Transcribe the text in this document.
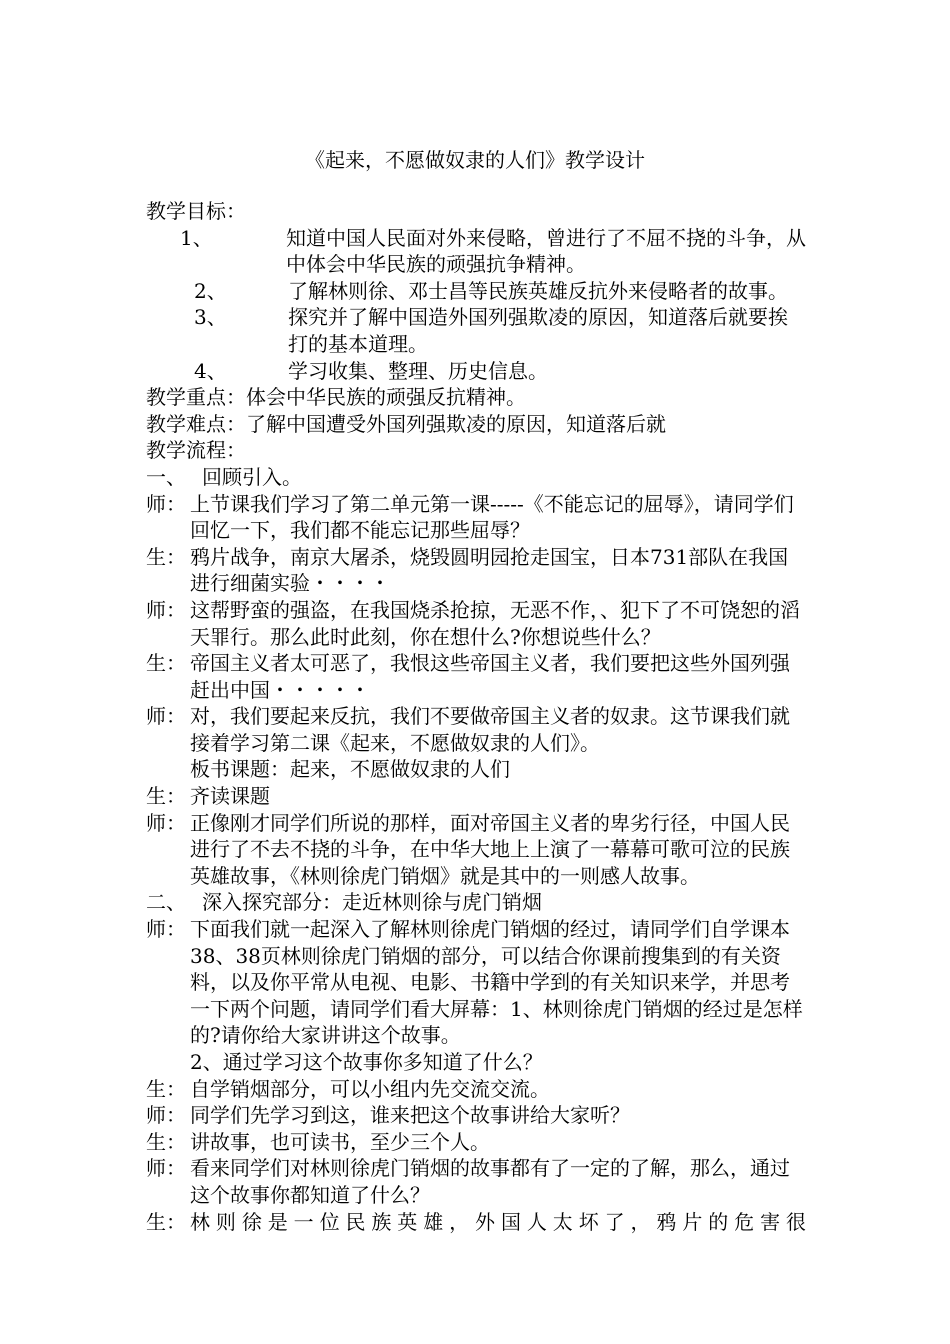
《起来，不愿做奴隶的人们》教学设计

教学目标：

1、	知道中国人民面对外来侵略，曾进行了不屈不挠的斗争，从中体会中华民族的顽强抗争精神。
2、	了解林则徐、邓士昌等民族英雄反抗外来侵略者的故事。
3、	探究并了解中国造外国列强欺凌的原因，知道落后就要挨打的基本道理。
4、	学习收集、整理、历史信息。

教学重点：体会中华民族的顽强反抗精神。

教学难点：了解中国遭受外国列强欺凌的原因，知道落后就

教学流程：

一、 回顾引入。
师： 上节课我们学习了第二单元第一课-----《不能忘记的屈辱》，请同学们回忆一下，我们都不能忘记那些屈辱？
生： 鸦片战争，南京大屠杀，烧毁圆明园抢走国宝，日本731部队在我国进行细菌实验・・・・
师： 这帮野蛮的强盗，在我国烧杀抢掠，无恶不作，、犯下了不可饶恕的滔天罪行。那么此时此刻，你在想什么?你想说些什么？
生： 帝国主义者太可恶了，我恨这些帝国主义者，我们要把这些外国列强赶出中国・・・・・
师： 对，我们要起来反抗，我们不要做帝国主义者的奴隶。这节课我们就接着学习第二课《起来，不愿做奴隶的人们》。

板书课题：起来，不愿做奴隶的人们

生： 齐读课题
师： 正像刚才同学们所说的那样，面对帝国主义者的卑劣行径，中国人民进行了不去不挠的斗争，在中华大地上上演了一幕幕可歌可泣的民族英雄故事，《林则徐虎门销烟》就是其中的一则感人故事。
二、 深入探究部分：走近林则徐与虎门销烟
师： 下面我们就一起深入了解林则徐虎门销烟的经过，请同学们自学课本38、38页林则徐虎门销烟的部分，可以结合你课前搜集到的有关资料，以及你平常从电视、电影、书籍中学到的有关知识来学，并思考一下两个问题，请同学们看大屏幕：1、林则徐虎门销烟的经过是怎样　的?请你给大家讲讲这个故事。

2、通过学习这个故事你多知道了什么？

生： 自学销烟部分，可以小组内先交流交流。
师： 同学们先学习到这，谁来把这个故事讲给大家听？
生： 讲故事，也可读书，至少三个人。
师： 看来同学们对林则徐虎门销烟的故事都有了一定的了解，那么，通过这个故事你都知道了什么？
生： 林则徐是一位民族英雄，外国人太坏了，鸦片的危害很
